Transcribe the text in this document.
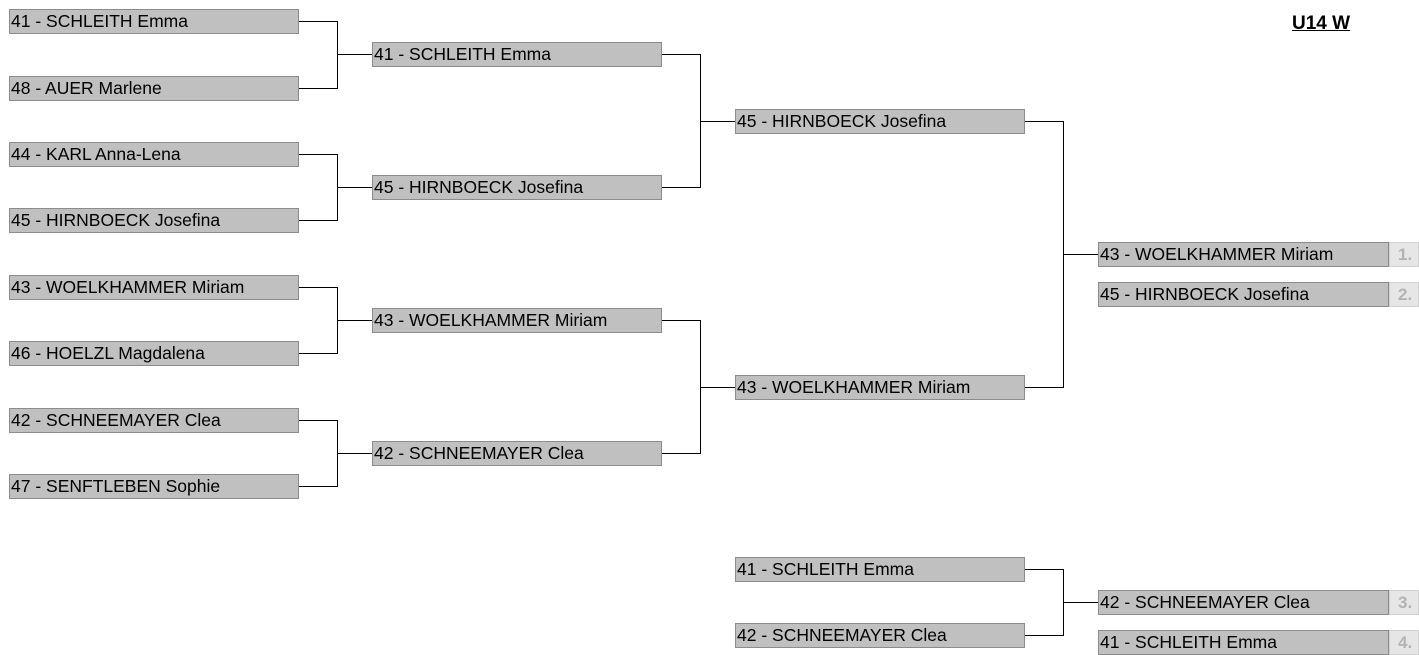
U14 W
41 - SCHLEITH Emma
48 - AUER Marlene
44 - KARL Anna-Lena
45 - HIRNBOECK Josefina
43 - WOELKHAMMER Miriam
46 - HOELZL Magdalena
42 - SCHNEEMAYER Clea
47 - SENFTLEBEN Sophie
41 - SCHLEITH Emma
45 - HIRNBOECK Josefina
43 - WOELKHAMMER Miriam
42 - SCHNEEMAYER Clea
45 - HIRNBOECK Josefina
43 - WOELKHAMMER Miriam
43 - WOELKHAMMER Miriam	1.
45 - HIRNBOECK Josefina	2.
41 - SCHLEITH Emma
42 - SCHNEEMAYER Clea
42 - SCHNEEMAYER Clea	3.
41 - SCHLEITH Emma	4.
